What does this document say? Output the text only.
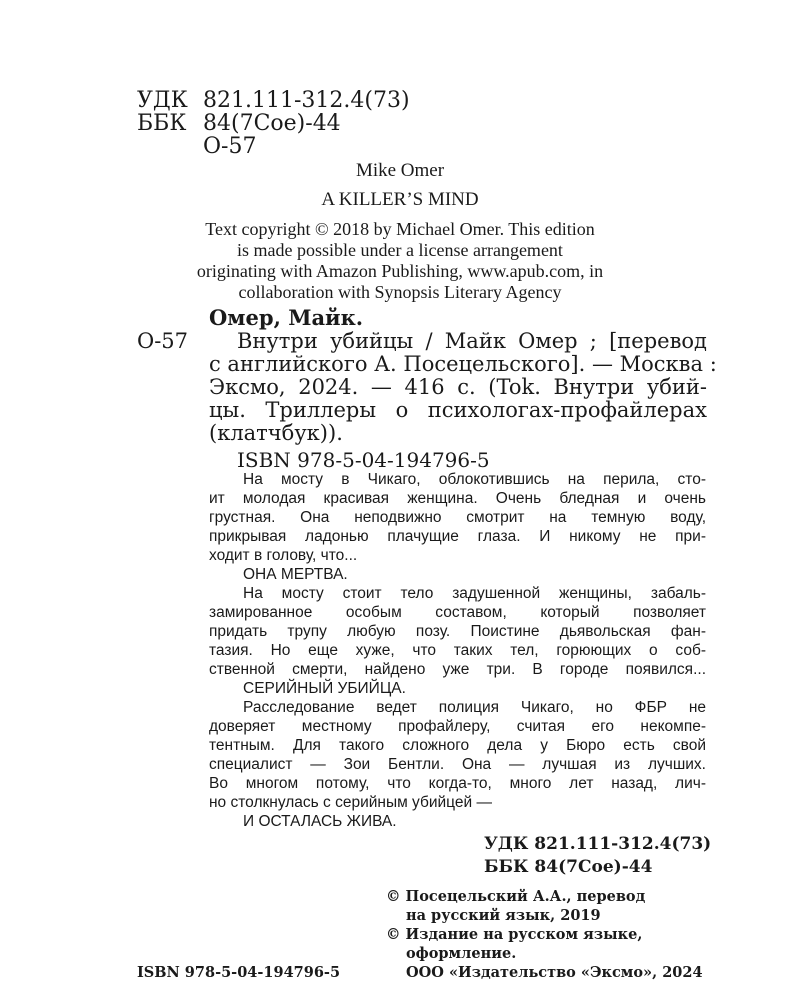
УДК 821.111-312.4(73)
ББК 84(7Сое)-44
О-57
Mike Omer
A KILLER’S MIND
Text copyright © 2018 by Michael Omer. This edition
is made possible under a license arrangement
originating with Amazon Publishing, www.apub.com, in
collaboration with Synopsis Literary Agency
Омер, Майк.
О-57 Внутри убийцы / Майк Омер ; [перевод
с английского А. Посецельского]. — Москва :
Эксмо, 2024. — 416 с. (Tok. Внутри убий-
цы. Триллеры о психологах-профайлерах
(клатчбук)).
ISBN 978-5-04-194796-5
На мосту в Чикаго, облокотившись на перила, сто-
ит молодая красивая женщина. Очень бледная и очень
грустная. Она неподвижно смотрит на темную воду,
прикрывая ладонью плачущие глаза. И никому не при-
ходит в голову, что...
ОНА МЕРТВА.
На мосту стоит тело задушенной женщины, забаль-
замированное особым составом, который позволяет
придать трупу любую позу. Поистине дьявольская фан-
тазия. Но еще хуже, что таких тел, горюющих о соб-
ственной смерти, найдено уже три. В городе появился...
СЕРИЙНЫЙ УБИЙЦА.
Расследование ведет полиция Чикаго, но ФБР не
доверяет местному профайлеру, считая его некомпе-
тентным. Для такого сложного дела у Бюро есть свой
специалист — Зои Бентли. Она — лучшая из лучших.
Во многом потому, что когда-то, много лет назад, лич-
но столкнулась с серийным убийцей —
И ОСТАЛАСЬ ЖИВА.
УДК 821.111-312.4(73)
ББК 84(7Сое)-44
© Посецельский А.А., перевод
на русский язык, 2019
© Издание на русском языке,
оформление.
ООО «Издательство «Эксмо», 2024
ISBN 978-5-04-194796-5
